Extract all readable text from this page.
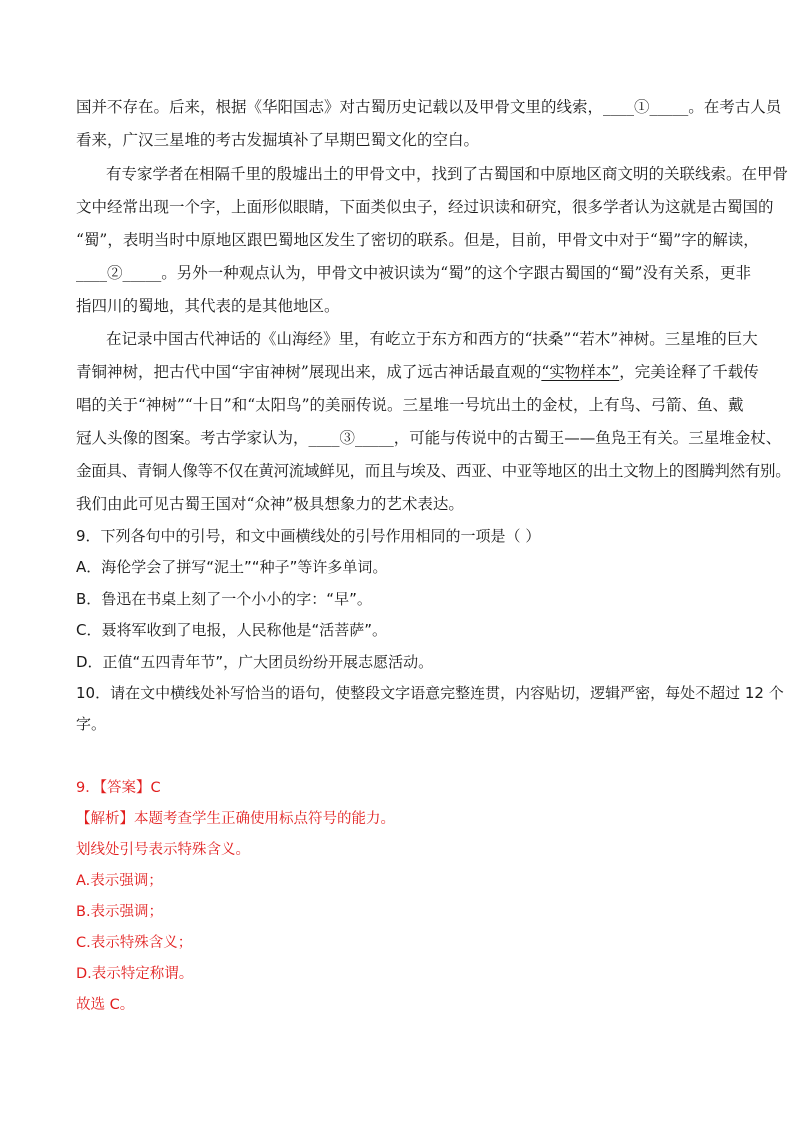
国并不存在。后来，根据《华阳国志》对古蜀历史记载以及甲骨文里的线索，____①_____。在考古人员
看来，广汉三星堆的考古发掘填补了早期巴蜀文化的空白。
有专家学者在相隔千里的殷墟出土的甲骨文中，找到了古蜀国和中原地区商文明的关联线索。在甲骨
文中经常出现一个字，上面形似眼睛，下面类似虫子，经过识读和研究，很多学者认为这就是古蜀国的
“蜀”，表明当时中原地区跟巴蜀地区发生了密切的联系。但是，目前，甲骨文中对于“蜀”字的解读，
____②_____。另外一种观点认为，甲骨文中被识读为“蜀”的这个字跟古蜀国的“蜀”没有关系，更非
指四川的蜀地，其代表的是其他地区。
在记录中国古代神话的《山海经》里，有屹立于东方和西方的“扶桑”“若木”神树。三星堆的巨大
青铜神树，把古代中国“宇宙神树”展现出来，成了远古神话最直观的“实物样本”，完美诠释了千载传
唱的关于“神树”“十日”和“太阳鸟”的美丽传说。三星堆一号坑出土的金杖，上有鸟、弓箭、鱼、戴
冠人头像的图案。考古学家认为，____③_____，可能与传说中的古蜀王——鱼凫王有关。三星堆金杖、
金面具、青铜人像等不仅在黄河流域鲜见，而且与埃及、西亚、中亚等地区的出土文物上的图腾判然有别。
我们由此可见古蜀王国对“众神”极具想象力的艺术表达。
9．下列各句中的引号，和文中画横线处的引号作用相同的一项是（ ）
A．海伦学会了拼写“泥土”“种子”等许多单词。
B．鲁迅在书桌上刻了一个小小的字：“早”。
C．聂将军收到了电报，人民称他是“活菩萨”。
D．正值“五四青年节”，广大团员纷纷开展志愿活动。
10．请在文中横线处补写恰当的语句，使整段文字语意完整连贯，内容贴切，逻辑严密，每处不超过 12 个
字。
9．【答案】C
【解析】本题考查学生正确使用标点符号的能力。
划线处引号表示特殊含义。
A.表示强调；
B.表示强调；
C.表示特殊含义；
D.表示特定称谓。
故选 C。
